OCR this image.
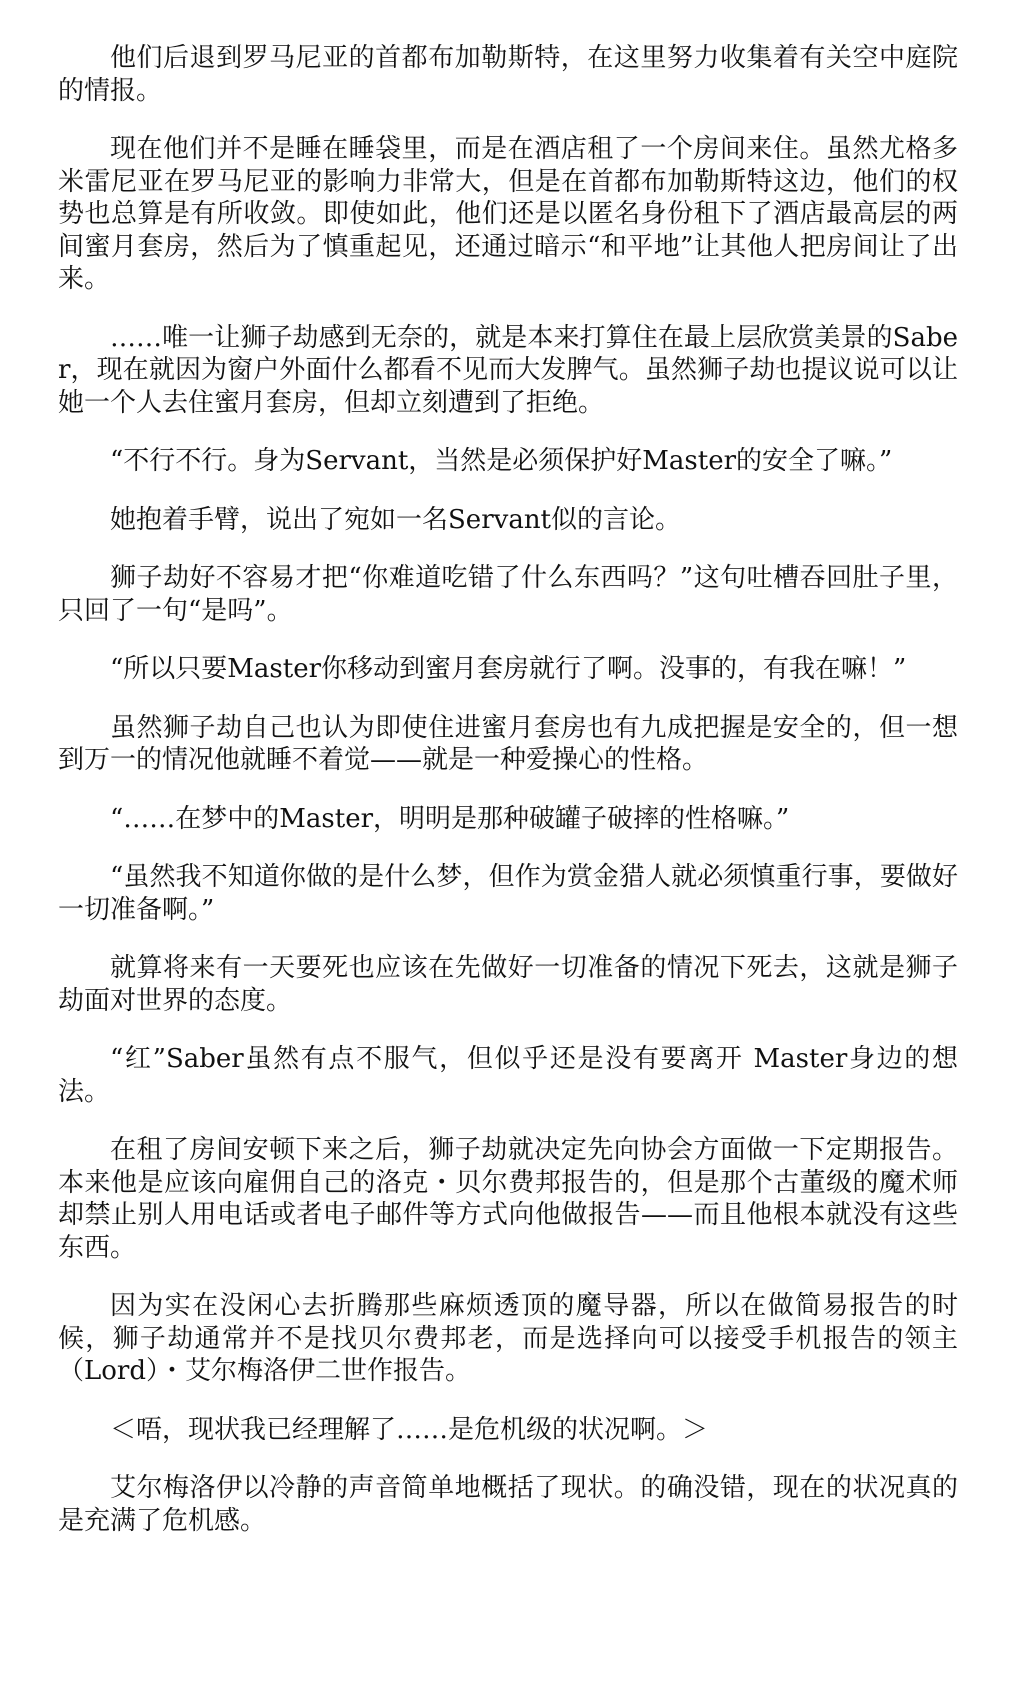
他们后退到罗马尼亚的首都布加勒斯特，在这里努力收集着有关空中庭院的情报。

现在他们并不是睡在睡袋里，而是在酒店租了一个房间来住。虽然尤格多米雷尼亚在罗马尼亚的影响力非常大，但是在首都布加勒斯特这边，他们的权势也总算是有所收敛。即使如此，他们还是以匿名身份租下了酒店最高层的两间蜜月套房，然后为了慎重起见，还通过暗示“和平地”让其他人把房间让了出来。

……唯一让狮子劫感到无奈的，就是本来打算住在最上层欣赏美景的Saber，现在就因为窗户外面什么都看不见而大发脾气。虽然狮子劫也提议说可以让她一个人去住蜜月套房，但却立刻遭到了拒绝。

“不行不行。身为Servant，当然是必须保护好Master的安全了嘛。”

她抱着手臂，说出了宛如一名Servant似的言论。

狮子劫好不容易才把“你难道吃错了什么东西吗？”这句吐槽吞回肚子里，只回了一句“是吗”。

“所以只要Master你移动到蜜月套房就行了啊。没事的，有我在嘛！”

虽然狮子劫自己也认为即使住进蜜月套房也有九成把握是安全的，但一想到万一的情况他就睡不着觉——就是一种爱操心的性格。

“……在梦中的Master，明明是那种破罐子破摔的性格嘛。”

“虽然我不知道你做的是什么梦，但作为赏金猎人就必须慎重行事，要做好一切准备啊。”

就算将来有一天要死也应该在先做好一切准备的情况下死去，这就是狮子劫面对世界的态度。

“红”Saber虽然有点不服气，但似乎还是没有要离开 Master身边的想法。

在租了房间安顿下来之后，狮子劫就决定先向协会方面做一下定期报告。本来他是应该向雇佣自己的洛克・贝尔费邦报告的，但是那个古董级的魔术师却禁止别人用电话或者电子邮件等方式向他做报告——而且他根本就没有这些东西。

因为实在没闲心去折腾那些麻烦透顶的魔导器，所以在做简易报告的时候，狮子劫通常并不是找贝尔费邦老，而是选择向可以接受手机报告的领主（Lord）・艾尔梅洛伊二世作报告。

＜唔，现状我已经理解了……是危机级的状况啊。＞

艾尔梅洛伊以冷静的声音简单地概括了现状。的确没错，现在的状况真的是充满了危机感。
